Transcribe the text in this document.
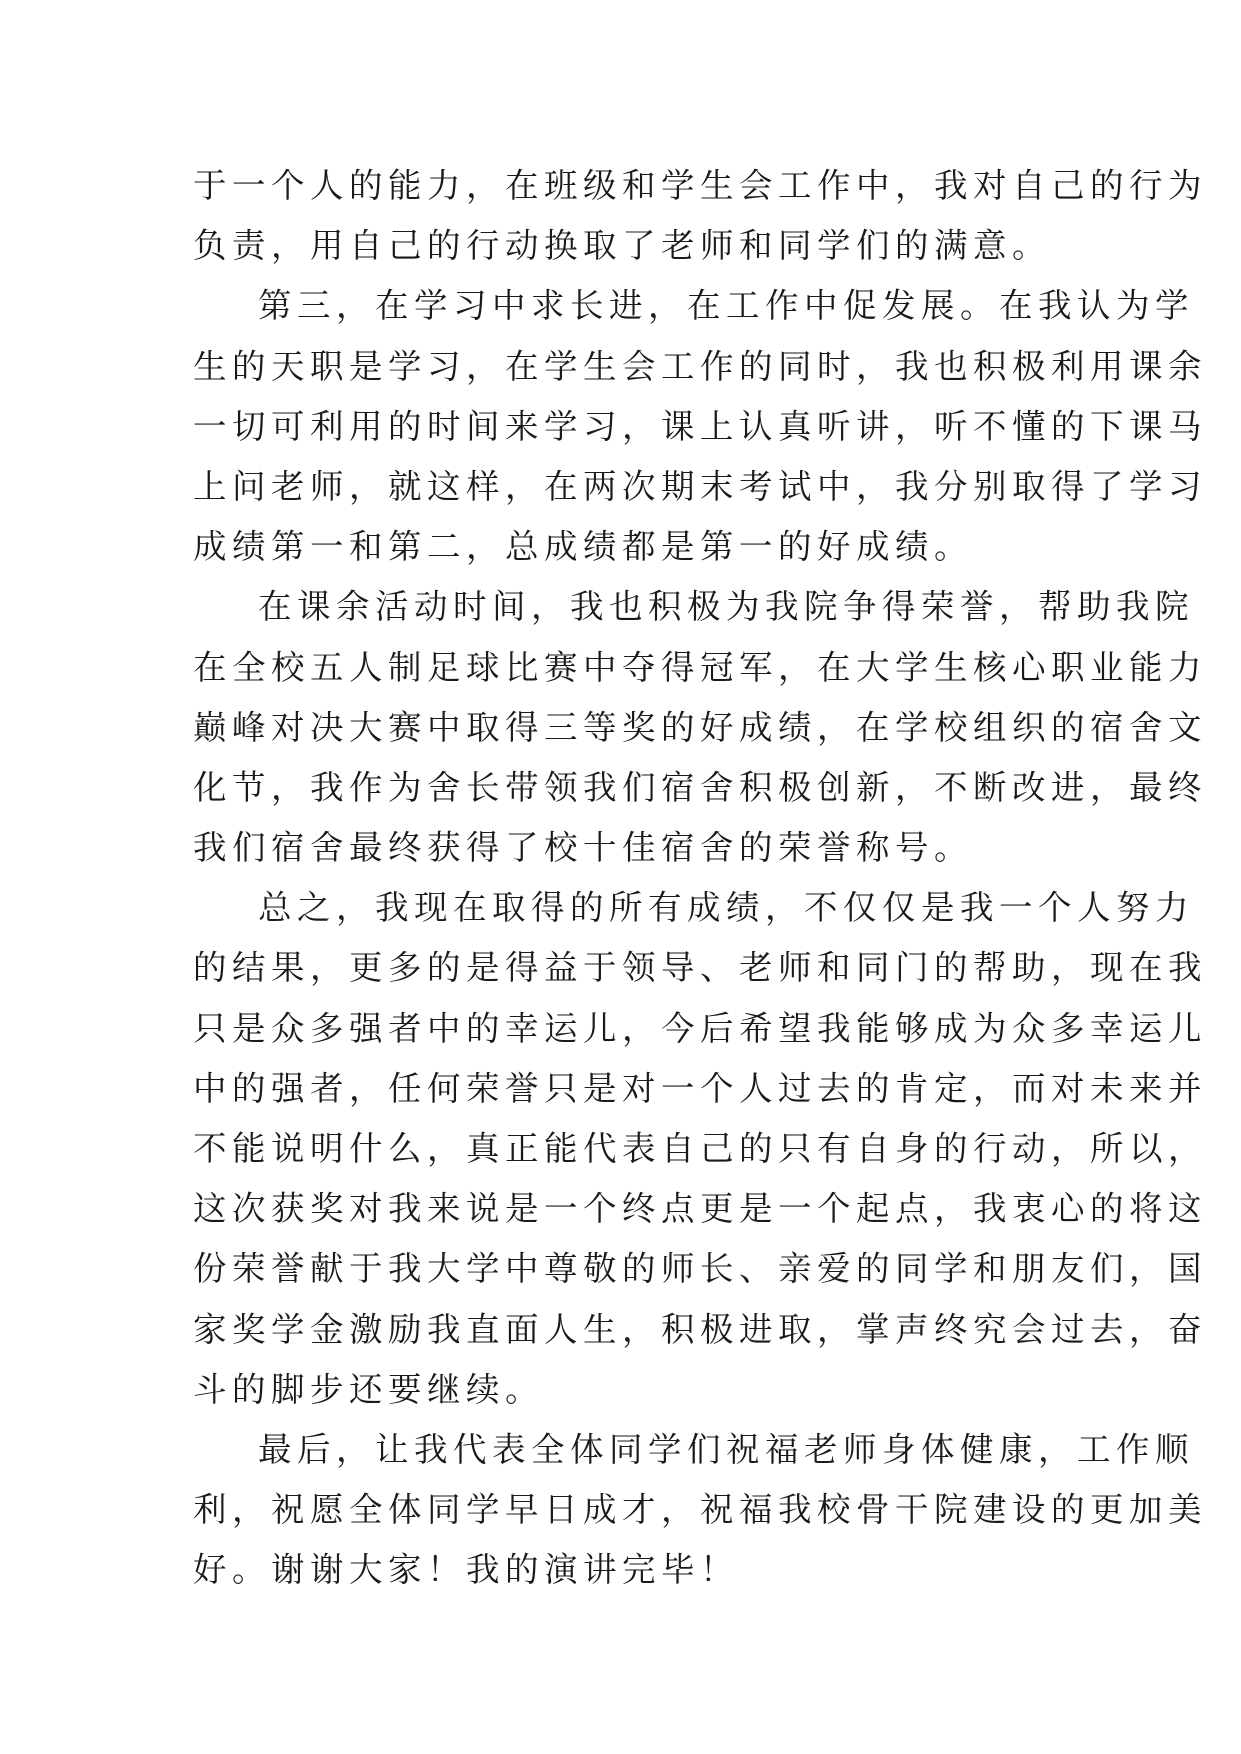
于一个人的能力，在班级和学生会工作中，我对自己的行为
负责，用自己的行动换取了老师和同学们的满意。
第三，在学习中求长进，在工作中促发展。在我认为学
生的天职是学习，在学生会工作的同时，我也积极利用课余
一切可利用的时间来学习，课上认真听讲，听不懂的下课马
上问老师，就这样，在两次期末考试中，我分别取得了学习
成绩第一和第二，总成绩都是第一的好成绩。
在课余活动时间，我也积极为我院争得荣誉，帮助我院
在全校五人制足球比赛中夺得冠军，在大学生核心职业能力
巅峰对决大赛中取得三等奖的好成绩，在学校组织的宿舍文
化节，我作为舍长带领我们宿舍积极创新，不断改进，最终
我们宿舍最终获得了校十佳宿舍的荣誉称号。
总之，我现在取得的所有成绩，不仅仅是我一个人努力
的结果，更多的是得益于领导、老师和同门的帮助，现在我
只是众多强者中的幸运儿，今后希望我能够成为众多幸运儿
中的强者，任何荣誉只是对一个人过去的肯定，而对未来并
不能说明什么，真正能代表自己的只有自身的行动，所以，
这次获奖对我来说是一个终点更是一个起点，我衷心的将这
份荣誉献于我大学中尊敬的师长、亲爱的同学和朋友们，国
家奖学金激励我直面人生，积极进取，掌声终究会过去，奋
斗的脚步还要继续。
最后，让我代表全体同学们祝福老师身体健康，工作顺
利，祝愿全体同学早日成才，祝福我校骨干院建设的更加美
好。谢谢大家！我的演讲完毕！
